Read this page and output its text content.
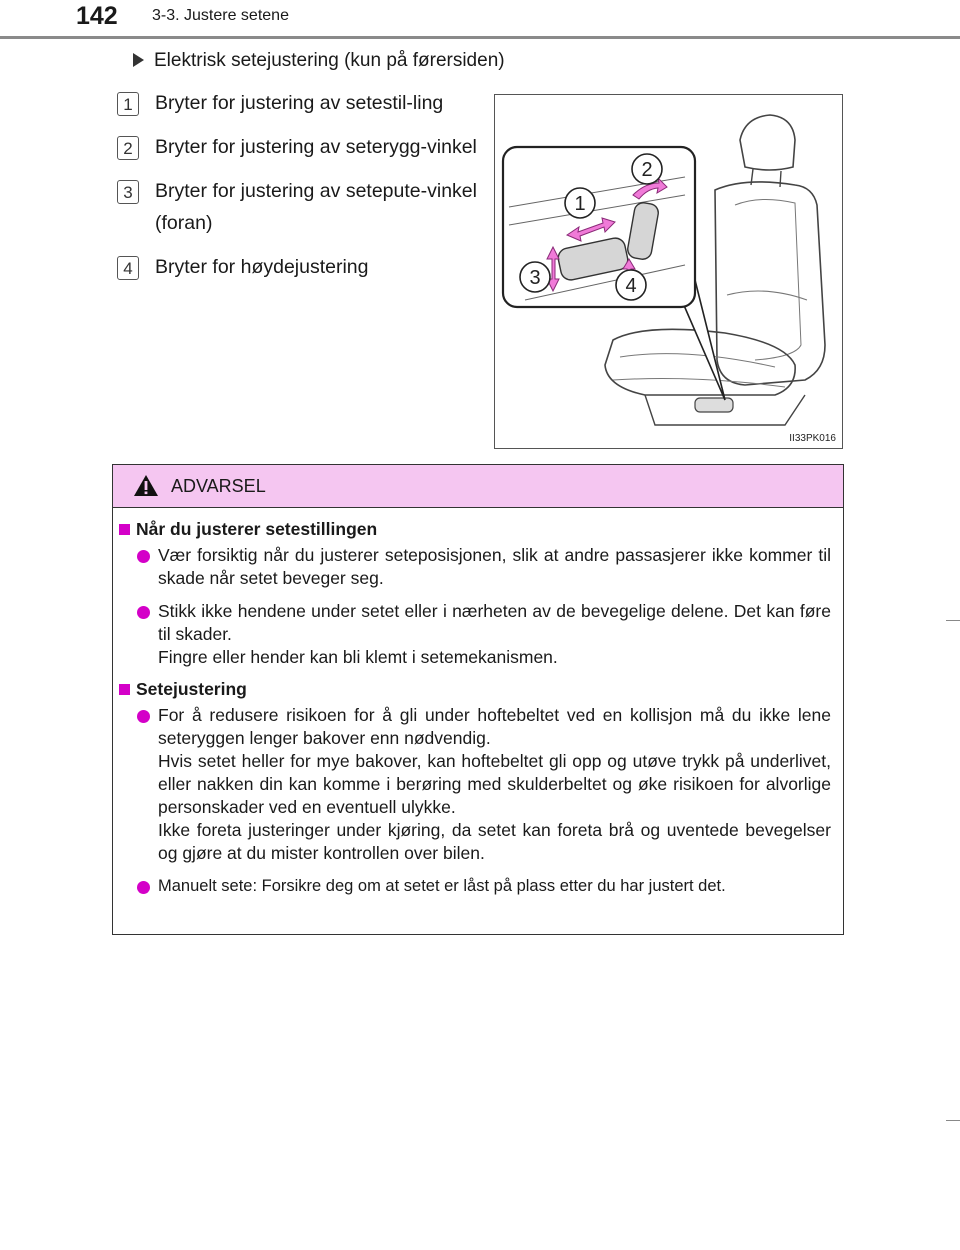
142 3-3. Justere setene
Elektrisk setejustering (kun på førersiden)
1	Bryter for justering av setestil-ling
2	Bryter for justering av seterygg-vinkel
3	Bryter for justering av setepute-vinkel (foran)
4	Bryter for høydejustering
1
2
3	4
II33PK016
ADVARSEL
Når du justerer setestillingen
Vær forsiktig når du justerer seteposisjonen, slik at andre passasjerer ikke kommer til skade når setet beveger seg.
Stikk ikke hendene under setet eller i nærheten av de bevegelige delene. Det kan føre til skader.
Fingre eller hender kan bli klemt i setemekanismen.
Setejustering
For å redusere risikoen for å gli under hoftebeltet ved en kollisjon må du ikke lene seteryggen lenger bakover enn nødvendig.
Hvis setet heller for mye bakover, kan hoftebeltet gli opp og utøve trykk på underlivet, eller nakken din kan komme i berøring med skulderbeltet og øke risikoen for alvorlige personskader ved en eventuell ulykke.
Ikke foreta justeringer under kjøring, da setet kan foreta brå og uventede bevegelser og gjøre at du mister kontrollen over bilen.
Manuelt sete: Forsikre deg om at setet er låst på plass etter du har justert det.
